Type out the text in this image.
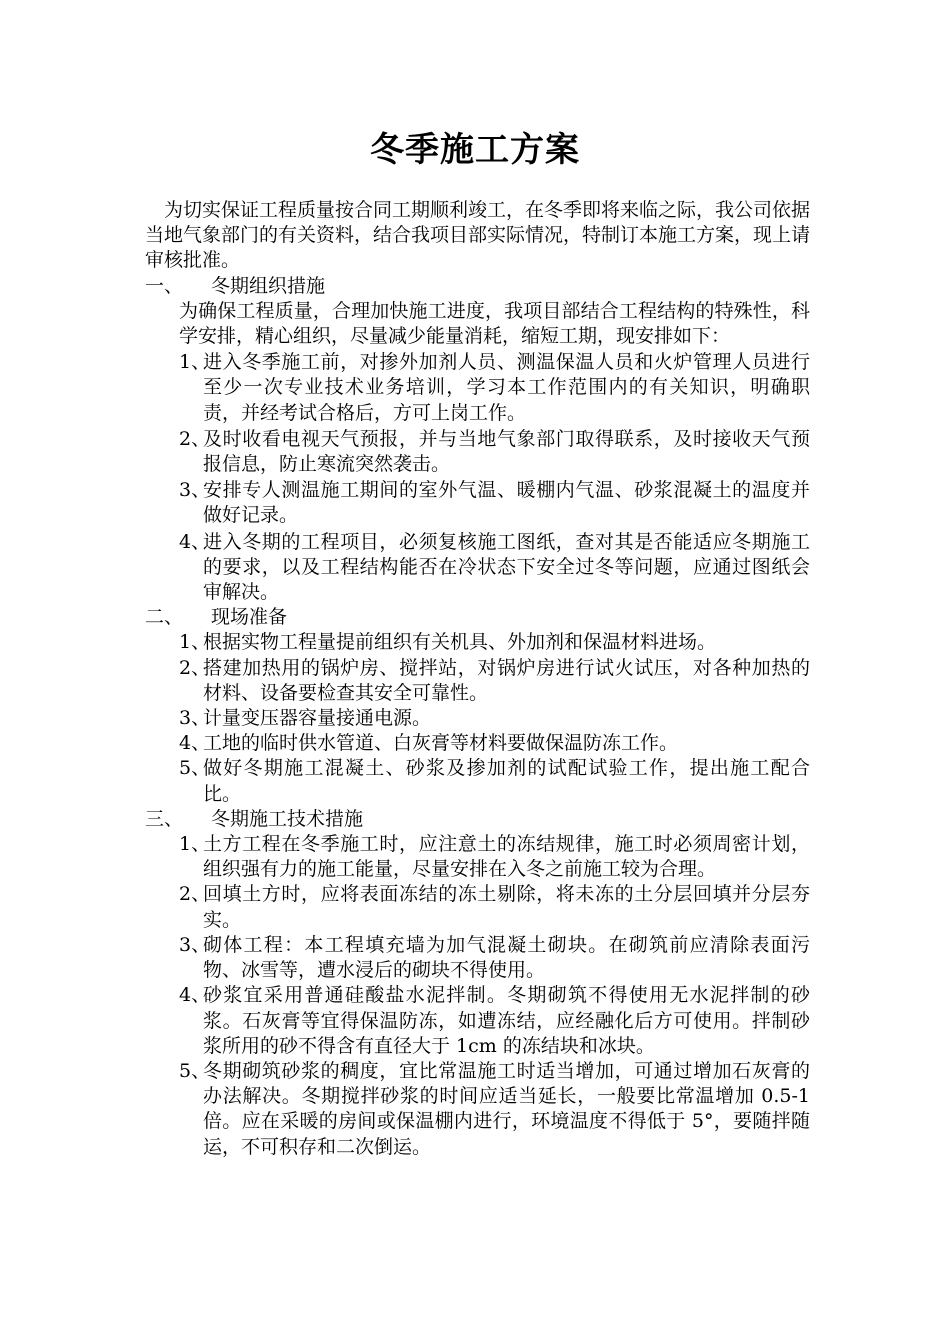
冬季施工方案

为切实保证工程质量按合同工期顺利竣工，在冬季即将来临之际，我公司依据当地气象部门的有关资料，结合我项目部实际情况，特制订本施工方案，现上请审核批准。

一、	冬期组织措施

为确保工程质量，合理加快施工进度，我项目部结合工程结构的特殊性，科学安排，精心组织，尽量减少能量消耗，缩短工期，现安排如下：

1、
进入冬季施工前，对掺外加剂人员、测温保温人员和火炉管理人员进行至少一次专业技术业务培训，学习本工作范围内的有关知识，明确职责，并经考试合格后，方可上岗工作。
2、
及时收看电视天气预报，并与当地气象部门取得联系，及时接收天气预报信息，防止寒流突然袭击。
3、
安排专人测温施工期间的室外气温、暖棚内气温、砂浆混凝土的温度并做好记录。
4、
进入冬期的工程项目，必须复核施工图纸，查对其是否能适应冬期施工的要求，以及工程结构能否在冷状态下安全过冬等问题，应通过图纸会审解决。
二、	现场准备
1、
根据实物工程量提前组织有关机具、外加剂和保温材料进场。
2、
搭建加热用的锅炉房、搅拌站，对锅炉房进行试火试压，对各种加热的材料、设备要检查其安全可靠性。
3、
计量变压器容量接通电源。
4、
工地的临时供水管道、白灰膏等材料要做保温防冻工作。
5、
做好冬期施工混凝土、砂浆及掺加剂的试配试验工作，提出施工配合比。
三、	冬期施工技术措施
1、
土方工程在冬季施工时，应注意土的冻结规律，施工时必须周密计划，组织强有力的施工能量，尽量安排在入冬之前施工较为合理。
2、
回填土方时，应将表面冻结的冻土剔除，将未冻的土分层回填并分层夯实。
3、
砌体工程：本工程填充墙为加气混凝土砌块。在砌筑前应清除表面污物、冰雪等，遭水浸后的砌块不得使用。
4、
砂浆宜采用普通硅酸盐水泥拌制。冬期砌筑不得使用无水泥拌制的砂浆。石灰膏等宜得保温防冻，如遭冻结，应经融化后方可使用。拌制砂浆所用的砂不得含有直径大于 1cm 的冻结块和冰块。
5、
冬期砌筑砂浆的稠度，宜比常温施工时适当增加，可通过增加石灰膏的办法解决。冬期搅拌砂浆的时间应适当延长，一般要比常温增加 0.5-1 倍。应在采暖的房间或保温棚内进行，环境温度不得低于 5°，要随拌随运，不可积存和二次倒运。
